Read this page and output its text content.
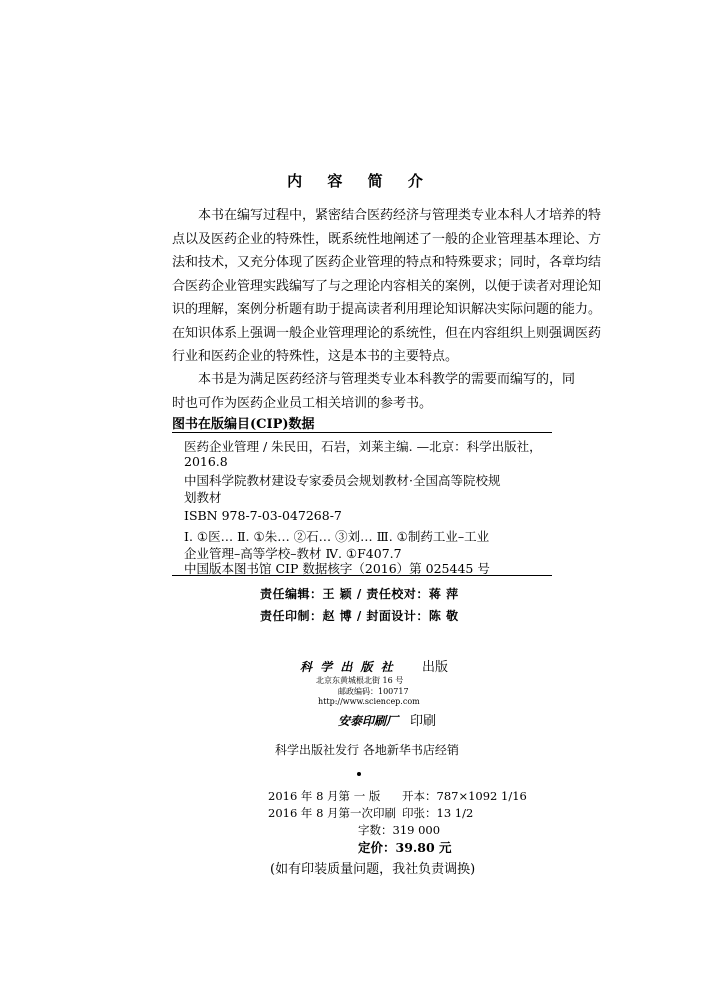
内 容 简 介
本书在编写过程中，紧密结合医药经济与管理类专业本科人才培养的特
点以及医药企业的特殊性，既系统性地阐述了一般的企业管理基本理论、方
法和技术，又充分体现了医药企业管理的特点和特殊要求；同时，各章均结
合医药企业管理实践编写了与之理论内容相关的案例，以便于读者对理论知
识的理解，案例分析题有助于提高读者利用理论知识解决实际问题的能力。
在知识体系上强调一般企业管理理论的系统性，但在内容组织上则强调医药
行业和医药企业的特殊性，这是本书的主要特点。
本书是为满足医药经济与管理类专业本科教学的需要而编写的，同
时也可作为医药企业员工相关培训的参考书。
图书在版编目(CIP)数据
医药企业管理 / 朱民田，石岩，刘莱主编. —北京：科学出版社，
2016.8
中国科学院教材建设专家委员会规划教材·全国高等院校规
划教材
ISBN 978-7-03-047268-7
Ⅰ. ①医… Ⅱ. ①朱… ②石… ③刘… Ⅲ. ①制药工业–工业
企业管理–高等学校–教材 Ⅳ. ①F407.7
中国版本图书馆 CIP 数据核字（2016）第 025445 号
责任编辑：王 颖 / 责任校对：蒋 萍
责任印制：赵 博 / 封面设计：陈 敬
科 学 出 版 社 出版
北京东黄城根北街 16 号
邮政编码：100717
http://www.sciencep.com
安泰印刷厂 印刷
科学出版社发行 各地新华书店经销
2016 年 8 月第 一 版 开本：787×1092 1/16
2016 年 8 月第一次印刷 印张：13 1/2
字数：319 000
定价：39.80 元
(如有印装质量问题，我社负责调换)
